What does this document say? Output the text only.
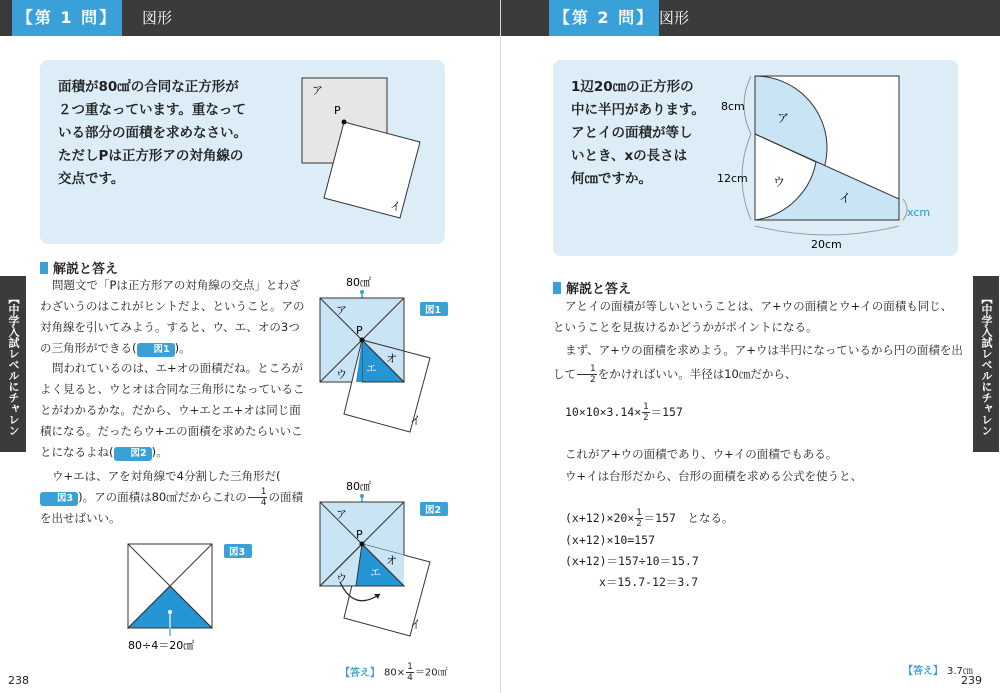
【第 1 問】	図形
面積が80㎠の合同な正方形が
２つ重なっています。重なって
いる部分の面積を求めなさい。
ただしPは正方形アの対角線の
交点です。
ア
P
イ
解説と答え
問題文で「Pは正方形アの対角線の交点」とわざわざいうのはこれがヒントだよ、ということ。アの対角線を引いてみよう。すると、ウ、エ、オの3つの三角形ができる( 図1 )。
問われているのは、エ+オの面積だね。ところがよく見ると、ウとオは合同な三角形になっていることがわかるかな。だから、ウ+エとエ+オは同じ面積になる。だったらウ+エの面積を求めたらいいことになるよね( 図2 )。
ウ+エは、アを対角線で4分割した三角形だ(図3 )。アの面積は80㎠だからこれの $\frac{1}{4}$ の面積を出せばいい。
80㎠
ア
P
オ
エ
ウ
イ
図1
80㎠
ア
P
オ
エ
ウ
イ
図2
80÷4＝20㎠
図3
【答え】 $80\times \frac{1}{4}$ ＝20㎠
【中学入試レベルにチャレン
238
【第 2 問】 図形
1辺20㎝の正方形の
中に半円があります。
アとイの面積が等し
いとき、xの長さは
何㎝ですか。
8cm
12cm
20cm
xcm
ア
ウ
イ
解説と答え
アとイの面積が等しいということは、ア+ウの面積とウ+イの面積も同じ、ということを見抜けるかどうかがポイントになる。
まず、ア+ウの面積を求めよう。ア+ウは半円になっているから円の面積を出して $\frac{1}{2}$ をかければいい。半径は10㎝だから、
$10\times 10\times 3.14\times \frac{1}{2} =157$
これがア+ウの面積であり、ウ+イの面積でもある。
ウ+イは台形だから、台形の面積を求める公式を使うと、
$(x+12)\times 20\times \frac{1}{2} =157$　となる。
(x+12)×10=157
(x+12)＝157÷10＝15.7
x＝15.7-12＝3.7
【答え】 3.7㎝
【中学入試レベルにチャレンジ！】
239
